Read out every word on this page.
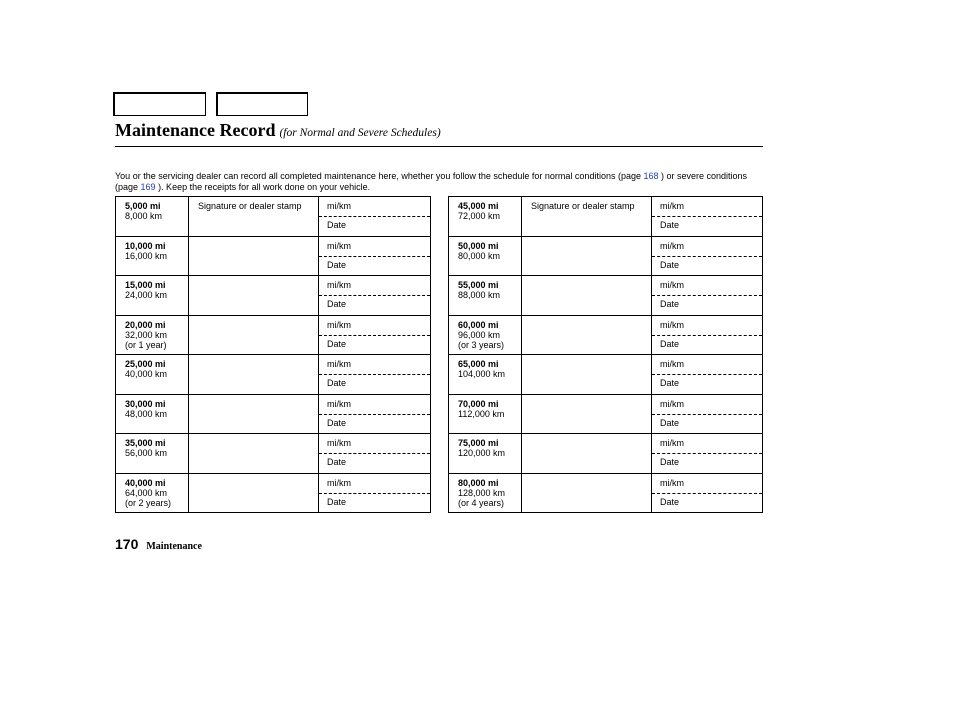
Maintenance Record (for Normal and Severe Schedules)
You or the servicing dealer can record all completed maintenance here, whether you follow the schedule for normal conditions (page 168 ) or severe conditions (page 169 ). Keep the receipts for all work done on your vehicle.
5,000 mi
8,000 km	Signature or dealer stamp	mi/km
Date

10,000 mi
16,000 km		mi/km
Date

15,000 mi
24,000 km		mi/km
Date

20,000 mi
32,000 km
(or 1 year)		mi/km
Date

25,000 mi
40,000 km		mi/km
Date

30,000 mi
48,000 km		mi/km
Date

35,000 mi
56,000 km		mi/km
Date

40,000 mi
64,000 km
(or 2 years)		mi/km
Date
45,000 mi
72,000 km	Signature or dealer stamp	mi/km
Date

50,000 mi
80,000 km		mi/km
Date

55,000 mi
88,000 km		mi/km
Date

60,000 mi
96,000 km
(or 3 years)		mi/km
Date

65,000 mi
104,000 km		mi/km
Date

70,000 mi
112,000 km		mi/km
Date

75,000 mi
120,000 km		mi/km
Date

80,000 mi
128,000 km
(or 4 years)		mi/km
Date
170 Maintenance
